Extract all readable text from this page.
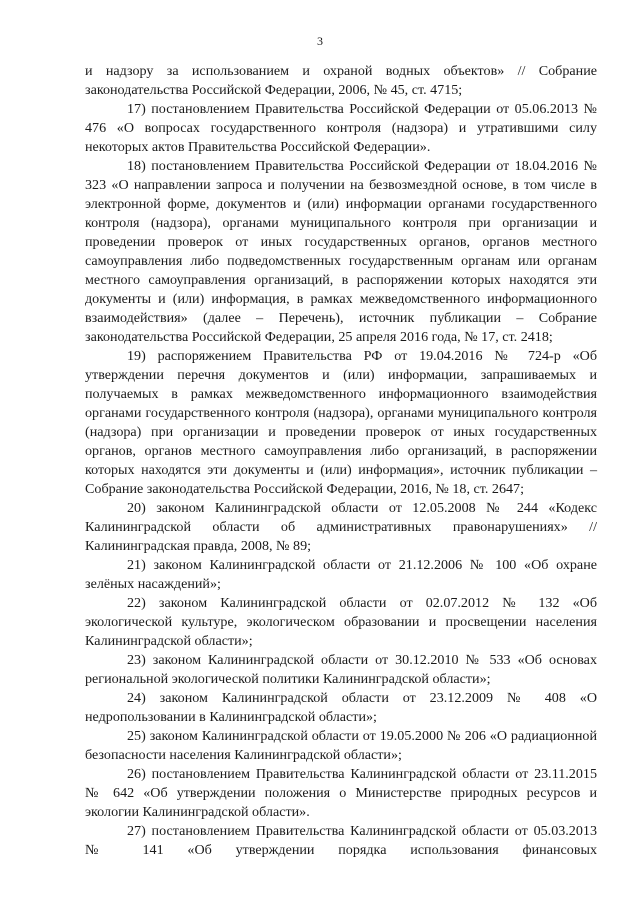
3

и надзору за использованием и охраной водных объектов» // Собрание законодательства Российской Федерации, 2006, № 45, ст. 4715;

17) постановлением Правительства Российской Федерации от 05.06.2013 № 476 «О вопросах государственного контроля (надзора) и утратившими силу некоторых актов Правительства Российской Федерации».

18) постановлением Правительства Российской Федерации от 18.04.2016 № 323 «О направлении запроса и получении на безвозмездной основе, в том числе в электронной форме, документов и (или) информации органами государственного контроля (надзора), органами муниципального контроля при организации и проведении проверок от иных государственных органов, органов местного самоуправления либо подведомственных государственным органам или органам местного самоуправления организаций, в распоряжении которых находятся эти документы и (или) информация, в рамках межведомственного информационного взаимодействия» (далее – Перечень), источник публикации – Собрание законодательства Российской Федерации, 25 апреля 2016 года, № 17, ст. 2418;

19) распоряжением Правительства РФ от 19.04.2016 № 724-р «Об утверждении перечня документов и (или) информации, запрашиваемых и получаемых в рамках межведомственного информационного взаимодействия органами государственного контроля (надзора), органами муниципального контроля (надзора) при организации и проведении проверок от иных государственных органов, органов местного самоуправления либо организаций, в распоряжении которых находятся эти документы и (или) информация», источник публикации – Собрание законодательства Российской Федерации, 2016, № 18, ст. 2647;

20) законом Калининградской области от 12.05.2008 № 244 «Кодекс Калининградской области об административных правонарушениях» // Калининградская правда, 2008, № 89;

21) законом Калининградской области от 21.12.2006 № 100 «Об охране зелёных насаждений»;

22) законом Калининградской области от 02.07.2012 № 132 «Об экологической культуре, экологическом образовании и просвещении населения Калининградской области»;

23) законом Калининградской области от 30.12.2010 № 533 «Об основах региональной экологической политики Калининградской области»;

24) законом Калининградской области от 23.12.2009 № 408 «О недропользовании в Калининградской области»;

25) законом Калининградской области от 19.05.2000 № 206 «О радиационной безопасности населения Калининградской области»;

26) постановлением Правительства Калининградской области от 23.11.2015 № 642 «Об утверждении положения о Министерстве природных ресурсов и экологии Калининградской области».

27) постановлением Правительства Калининградской области от 05.03.2013 № 141 «Об утверждении порядка использования финансовых
